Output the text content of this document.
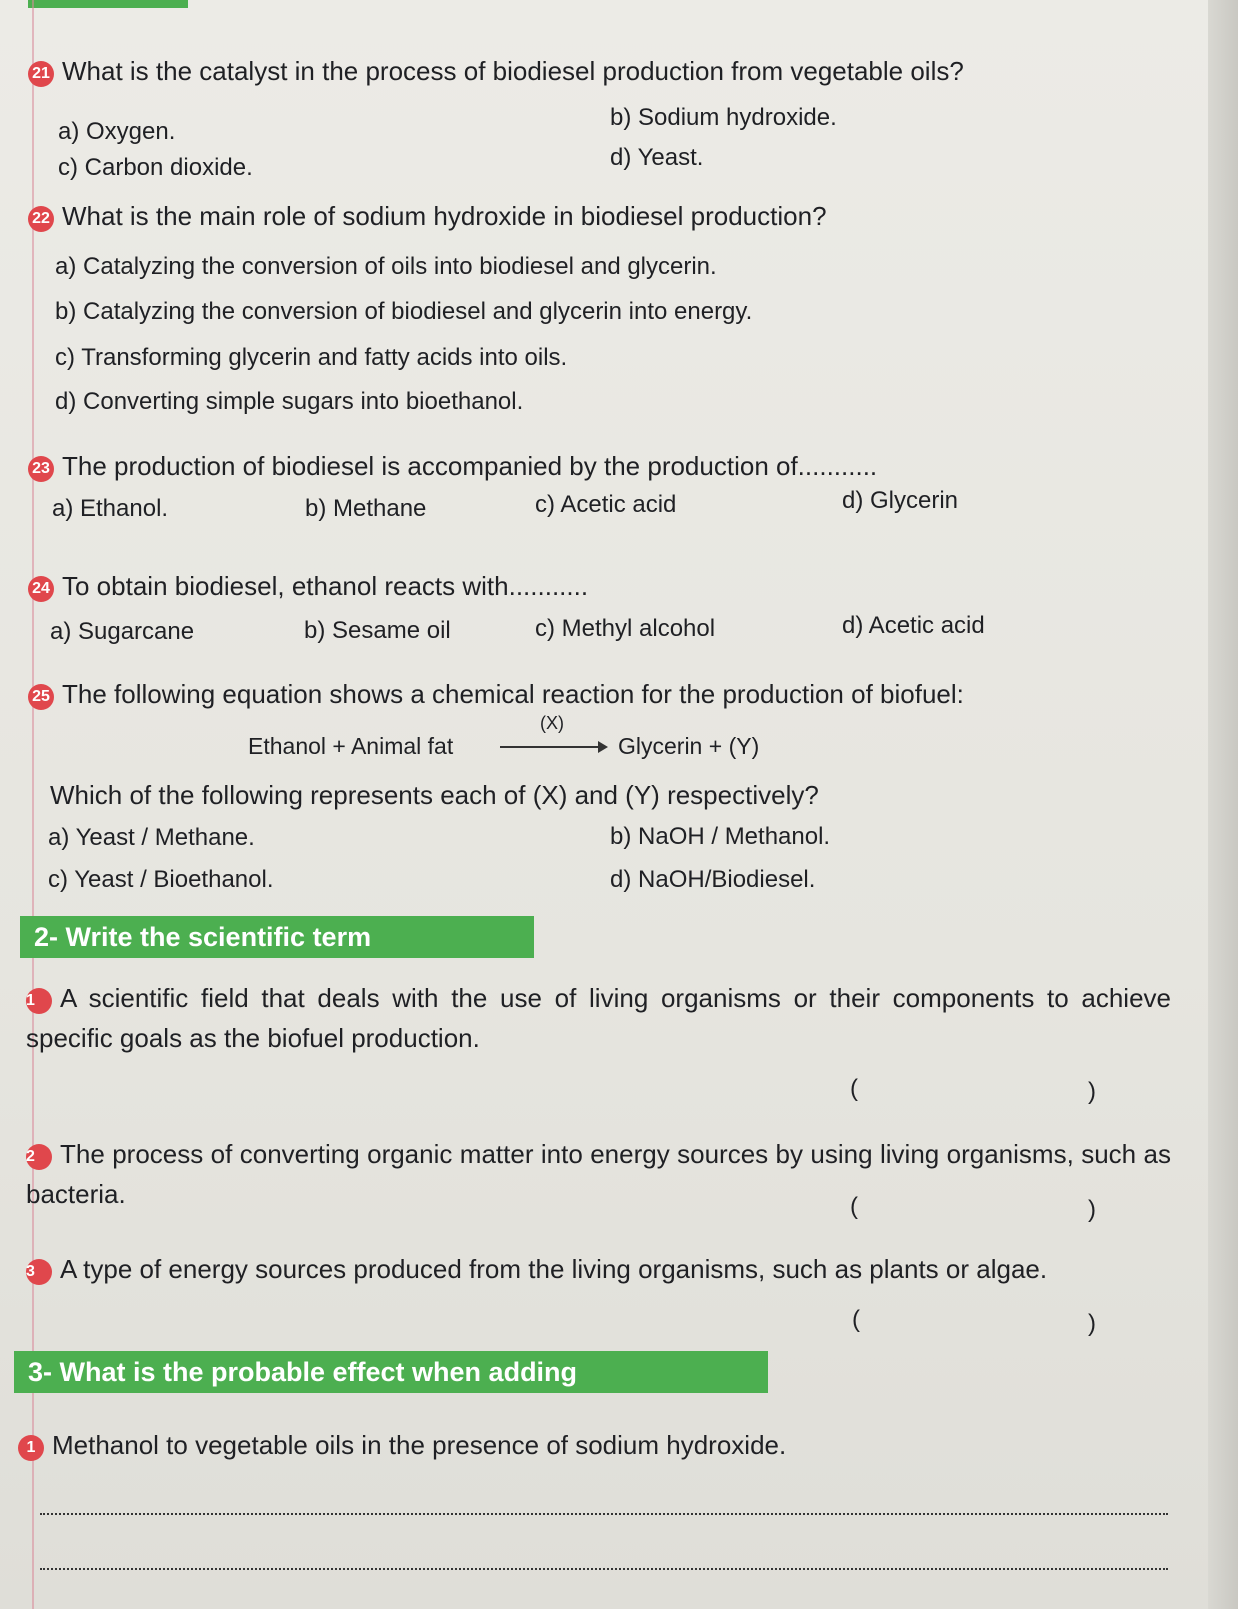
21 What is the catalyst in the process of biodiesel production from vegetable oils?
a) Oxygen.
b) Sodium hydroxide.
c) Carbon dioxide.	d) Yeast.
22 What is the main role of sodium hydroxide in biodiesel production?
a) Catalyzing the conversion of oils into biodiesel and glycerin.
b) Catalyzing the conversion of biodiesel and glycerin into energy.
c) Transforming glycerin and fatty acids into oils.
d) Converting simple sugars into bioethanol.
23 The production of biodiesel is accompanied by the production of...........
a) Ethanol.	b) Methane	c) Acetic acid	d) Glycerin
24 To obtain biodiesel, ethanol reacts with...........
a) Sugarcane	b) Sesame oil	c) Methyl alcohol	d) Acetic acid
25 The following equation shows a chemical reaction for the production of biofuel:
Ethanol + Animal fat
(X)
Glycerin + (Y)
Which of the following represents each of (X) and (Y) respectively?
a) Yeast / Methane.	b) NaOH / Methanol.
c) Yeast / Bioethanol.	d) NaOH/Biodiesel.
2- Write the scientific term
1 A scientific field that deals with the use of living organisms or their components to achieve specific goals as the biofuel production.
(	)
2 The process of converting organic matter into energy sources by using living organisms, such as bacteria.	(	)
3 A type of energy sources produced from the living organisms, such as plants or algae.
(	)
3- What is the probable effect when adding
1 Methanol to vegetable oils in the presence of sodium hydroxide.
